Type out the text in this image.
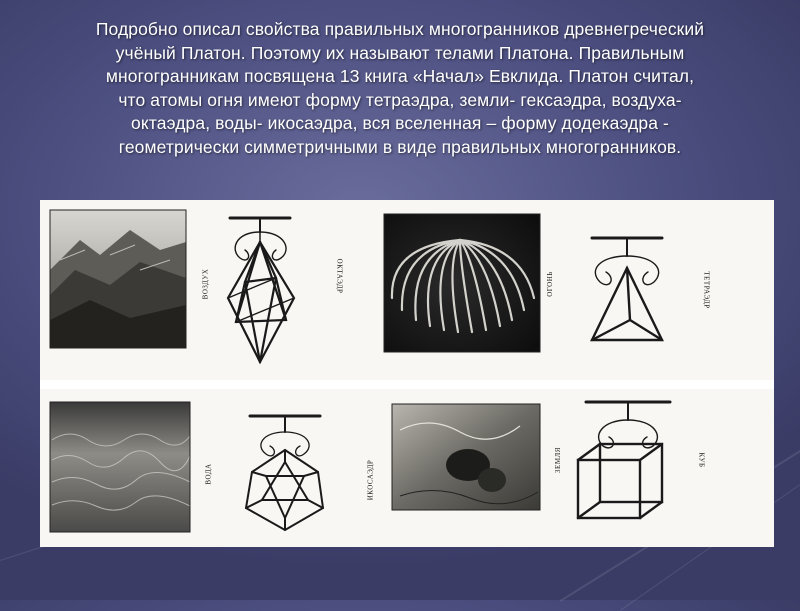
Подробно описал свойства правильных многогранников древнегреческий
учёный Платон. Поэтому их называют телами Платона. Правильным
многогранникам посвящена 13 книга «Начал» Евклида. Платон считал,
что атомы огня имеют форму тетраэдра, земли- гексаэдра, воздуха-
октаэдра, воды- икосаэдра, вся вселенная – форму додекаэдра -
геометрически симметричными в виде правильных многогранников.
ВОЗДУХ	ОКТАЭДР	ОГОНЬ	ТЕТРАЭДР
ВОДА	ИКОСАЭДР	ЗЕМЛЯ	КУБ
